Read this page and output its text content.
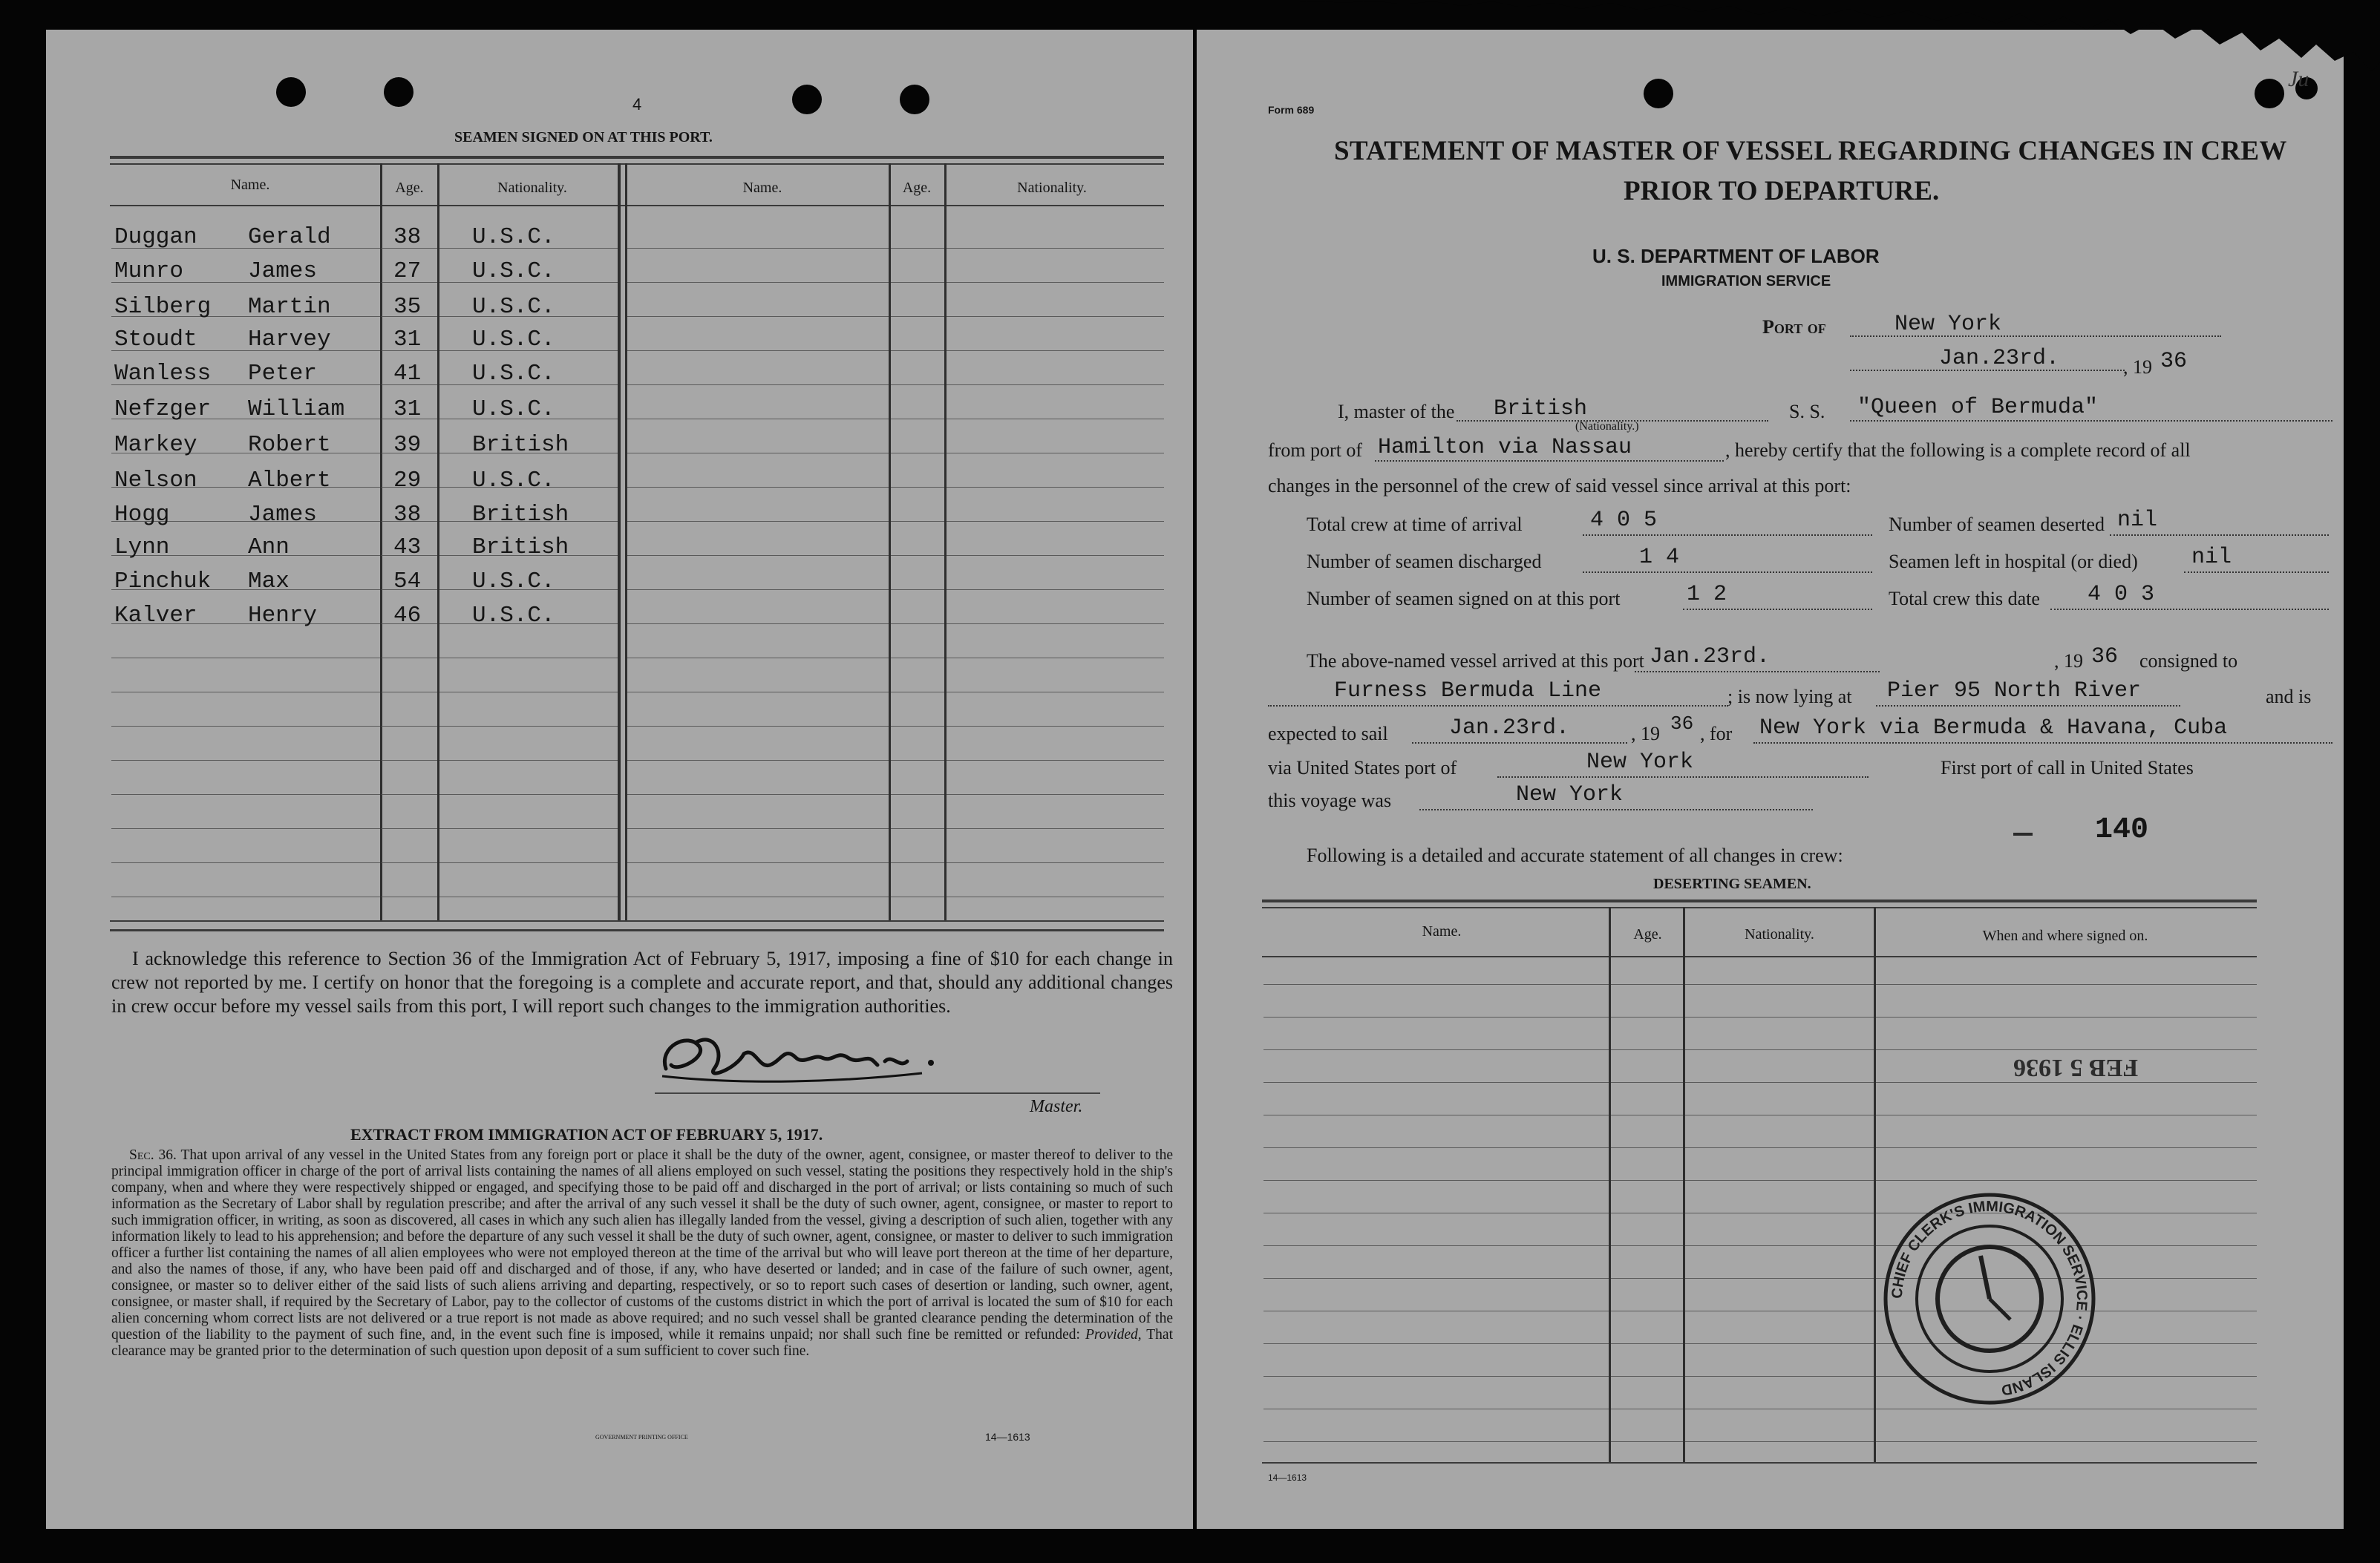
4
SEAMEN SIGNED ON AT THIS PORT.
Name.	Age.	Nationality.	Name.	Age.	Nationality.
Duggan Gerald	38 U.S.C.
Munro	James	27 U.S.C.
Silberg Martin	35 U.S.C.
Stoudt Harvey	31 U.S.C.
Wanless Peter	41 U.S.C.
Nefzger William 31 U.S.C.
Markey Robert	39 British
Nelson Albert	29 U.S.C.
Hogg	James	38 British
Lynn	Ann	43 British
Pinchuk Max	54 U.S.C.
Kalver Henry	46 U.S.C.
I acknowledge this reference to Section 36 of the Immigration Act of February 5, 1917, imposing a fine of $10 for each change in crew not reported by me. I certify on honor that the foregoing is a complete and accurate report, and that, should any additional changes in crew occur before my vessel sails from this port, I will report such changes to the immigration authorities.
Master.
EXTRACT FROM IMMIGRATION ACT OF FEBRUARY 5, 1917.
Sec. 36. That upon arrival of any vessel in the United States from any foreign port or place it shall be the duty of the owner, agent, consignee, or master thereof to deliver to the principal immigration officer in charge of the port of arrival lists containing the names of all aliens employed on such vessel, stating the positions they respectively hold in the ship's company, when and where they were respectively shipped or engaged, and specifying those to be paid off and discharged in the port of arrival; or lists containing so much of such information as the Secretary of Labor shall by regulation prescribe; and after the arrival of any such vessel it shall be the duty of such owner, agent, consignee, or master to report to such immigration officer, in writing, as soon as discovered, all cases in which any such alien has illegally landed from the vessel, giving a description of such alien, together with any information likely to lead to his apprehension; and before the departure of any such vessel it shall be the duty of such owner, agent, consignee, or master to deliver to such immigration officer a further list containing the names of all alien employees who were not employed thereon at the time of the arrival but who will leave port thereon at the time of her departure, and also the names of those, if any, who have been paid off and discharged and of those, if any, who have deserted or landed; and in case of the failure of such owner, agent, consignee, or master so to deliver either of the said lists of such aliens arriving and departing, respectively, or so to report such cases of desertion or landing, such owner, agent, consignee, or master shall, if required by the Secretary of Labor, pay to the collector of customs of the customs district in which the port of arrival is located the sum of $10 for each alien concerning whom correct lists are not delivered or a true report is not made as above required; and no such vessel shall be granted clearance pending the determination of the question of the liability to the payment of such fine, and, in the event such fine is imposed, while it remains unpaid; nor shall such fine be remitted or refunded: Provided, That clearance may be granted prior to the determination of such question upon deposit of a sum sufficient to cover such fine.
GOVERNMENT PRINTING OFFICE	14—1613
Ju
Form 689
STATEMENT OF MASTER OF VESSEL REGARDING CHANGES IN CREW
PRIOR TO DEPARTURE.
U. S. DEPARTMENT OF LABOR
IMMIGRATION SERVICE
Port of	New York
Jan.23rd.	, 19 36
I, master of the British
(Nationality.)
S. S. "Queen of Bermuda"
from port of Hamilton via Nassau	, hereby certify that the following is a complete record of all
changes in the personnel of the crew of said vessel since arrival at this port:
Total crew at time of arrival	4 0 5	Number of seamen deserted nil
Number of seamen discharged	1 4	Seamen left in hospital (or died) nil
Number of seamen signed on at this port	1 2	Total crew this date 4 0 3
The above-named vessel arrived at this port Jan.23rd.	, 19 36 consigned to
Furness Bermuda Line	; is now lying at Pier 95 North River	and is
expected to sail	Jan.23rd.	, 19 36 , for New York via Bermuda & Havana, Cuba
via United States port of	New York	First port of call in United States
this voyage was	New York
140
Following is a detailed and accurate statement of all changes in crew:
DESERTING SEAMEN.
Name.	Age.	Nationality.	When and where signed on.
FEB 5 1936
CHIEF CLERK'S IMMIGRATION SERVICE · ELLIS ISLAND
14—1613
